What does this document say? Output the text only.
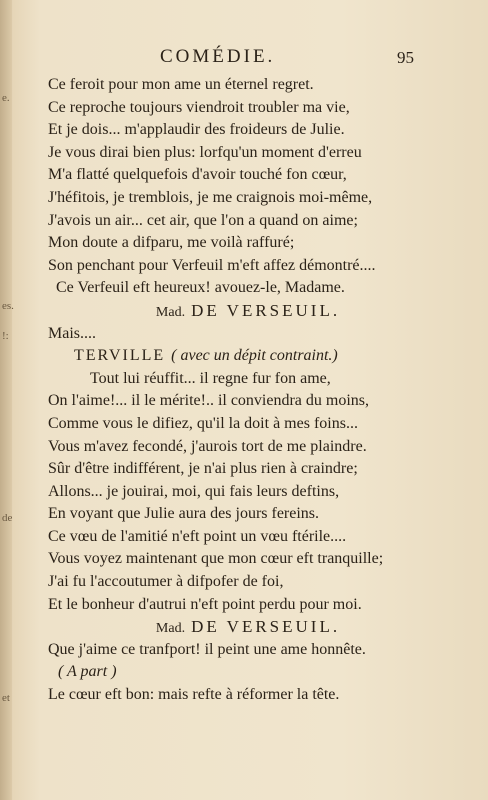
e.
es.
!:
de
et
COMÉDIE.	95
Ce feroit pour mon ame un éternel regret.
Ce reproche toujours viendroit troubler ma vie,
Et je dois... m'applaudir des froideurs de Julie.
Je vous dirai bien plus: lorfqu'un moment d'erreu
M'a flatté quelquefois d'avoir touché fon cœur,
J'héfitois, je tremblois, je me craignois moi-même,
J'avois un air... cet air, que l'on a quand on aime;
Mon doute a difparu, me voilà raffuré;
Son penchant pour Verfeuil m'eft affez démontré....
Ce Verfeuil eft heureux! avouez-le, Madame.
Mad. DE VERSEUIL.
Mais....
TERVILLE ( avec un dépit contraint.)
Tout lui réuffit... il regne fur fon ame,
On l'aime!... il le mérite!.. il conviendra du moins,
Comme vous le difiez, qu'il la doit à mes foins...
Vous m'avez fecondé, j'aurois tort de me plaindre.
Sûr d'être indifférent, je n'ai plus rien à craindre;
Allons... je jouirai, moi, qui fais leurs deftins,
En voyant que Julie aura des jours fereins.
Ce vœu de l'amitié n'eft point un vœu ftérile....
Vous voyez maintenant que mon cœur eft tranquille;
J'ai fu l'accoutumer à difpofer de foi,
Et le bonheur d'autrui n'eft point perdu pour moi.
Mad. DE VERSEUIL.
Que j'aime ce tranfport! il peint une ame honnête.
( A part )
Le cœur eft bon: mais refte à réformer la tête.
